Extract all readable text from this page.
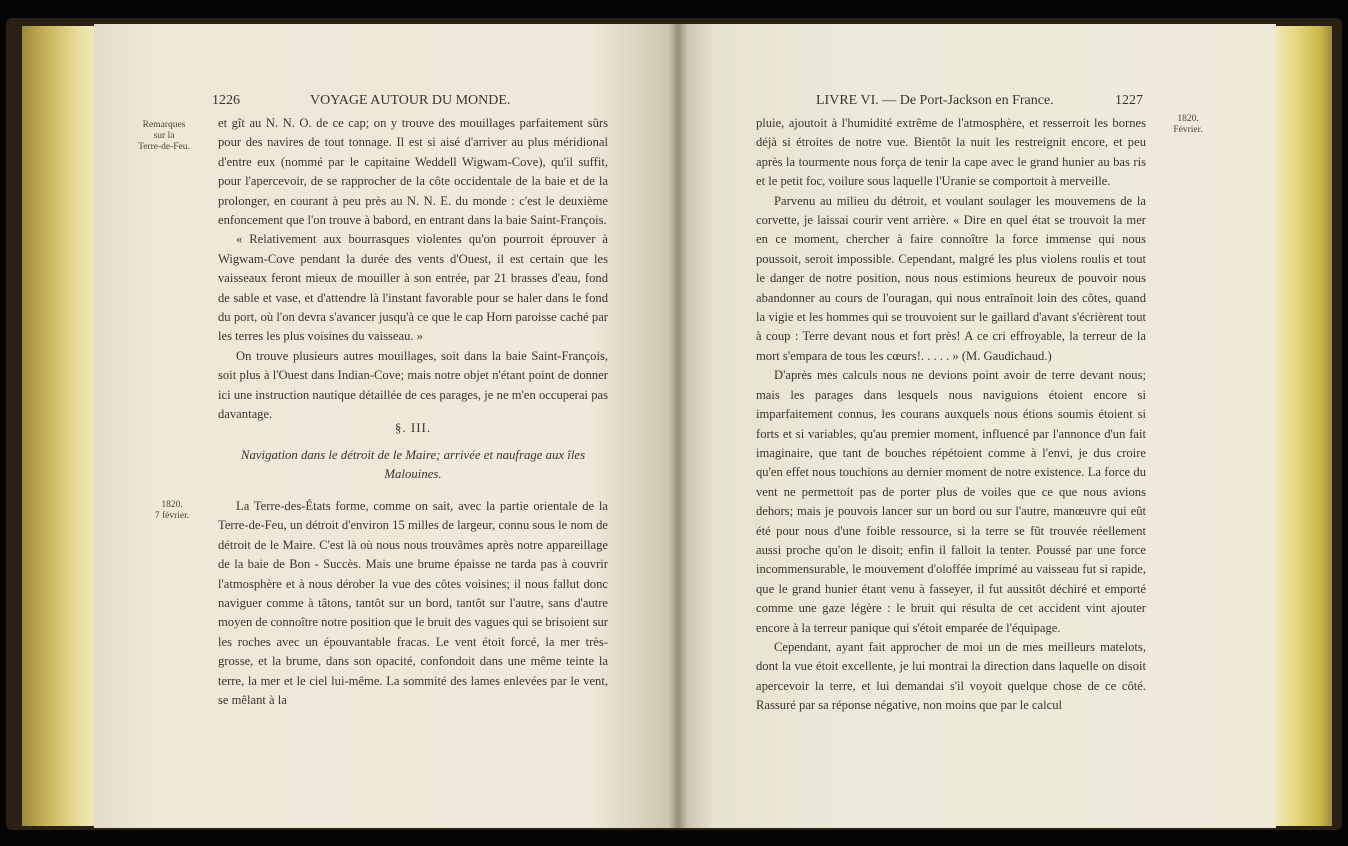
1226	VOYAGE AUTOUR DU MONDE.
Remarques
sur la
Terre-de-Feu.

et gît au N. N. O. de ce cap; on y trouve des mouillages parfaitement sûrs pour des navires de tout tonnage. Il est si aisé d'arriver au plus méridional d'entre eux (nommé par le capitaine Weddell Wigwam-Cove), qu'il suffit, pour l'apercevoir, de se rapprocher de la côte occidentale de la baie et de la prolonger, en courant à peu près au N. N. E. du monde : c'est le deuxième enfoncement que l'on trouve à babord, en entrant dans la baie Saint-François.

« Relativement aux bourrasques violentes qu'on pourroit éprouver à Wigwam-Cove pendant la durée des vents d'Ouest, il est certain que les vaisseaux feront mieux de mouiller à son entrée, par 21 brasses d'eau, fond de sable et vase, et d'attendre là l'instant favorable pour se haler dans le fond du port, où l'on devra s'avancer jusqu'à ce que le cap Horn paroisse caché par les terres les plus voisines du vaisseau. »

On trouve plusieurs autres mouillages, soit dans la baie Saint-François, soit plus à l'Ouest dans Indian-Cove; mais notre objet n'étant point de donner ici une instruction nautique détaillée de ces parages, je ne m'en occuperai pas davantage.

§. III.
Navigation dans le détroit de le Maire; arrivée et naufrage aux îles Malouines.
1820.
7 février.

La Terre-des-États forme, comme on sait, avec la partie orientale de la Terre-de-Feu, un détroit d'environ 15 milles de largeur, connu sous le nom de détroit de le Maire. C'est là où nous nous trouvâmes après notre appareillage de la baie de Bon - Succès. Mais une brume épaisse ne tarda pas à couvrir l'atmosphère et à nous dérober la vue des côtes voisines; il nous fallut donc naviguer comme à tâtons, tantôt sur un bord, tantôt sur l'autre, sans d'autre moyen de connoître notre position que le bruit des vagues qui se brisoient sur les roches avec un épouvantable fracas. Le vent étoit forcé, la mer très-grosse, et la brume, dans son opacité, confondoit dans une même teinte la terre, la mer et le ciel lui-même. La sommité des lames enlevées par le vent, se mêlant à la

LIVRE VI. — De Port-Jackson en France.	1227
1820.
Février.

pluie, ajoutoit à l'humidité extrême de l'atmosphère, et resserroit les bornes déjà si étroites de notre vue. Bientôt la nuit les restreignit encore, et peu après la tourmente nous força de tenir la cape avec le grand hunier au bas ris et le petit foc, voilure sous laquelle l'Uranie se comportoit à merveille.

Parvenu au milieu du détroit, et voulant soulager les mouvemens de la corvette, je laissai courir vent arrière. « Dire en quel état se trouvoit la mer en ce moment, chercher à faire connoître la force immense qui nous poussoit, seroit impossible. Cependant, malgré les plus violens roulis et tout le danger de notre position, nous nous estimions heureux de pouvoir nous abandonner au cours de l'ouragan, qui nous entraînoit loin des côtes, quand la vigie et les hommes qui se trouvoient sur le gaillard d'avant s'écrièrent tout à coup : Terre devant nous et fort près! A ce cri effroyable, la terreur de la mort s'empara de tous les cœurs!. . . . . » (M. Gaudichaud.)

D'après mes calculs nous ne devions point avoir de terre devant nous; mais les parages dans lesquels nous naviguions étoient encore si imparfaitement connus, les courans auxquels nous étions soumis étoient si forts et si variables, qu'au premier moment, influencé par l'annonce d'un fait imaginaire, que tant de bouches répétoient comme à l'envi, je dus croire qu'en effet nous touchions au dernier moment de notre existence. La force du vent ne permettoit pas de porter plus de voiles que ce que nous avions dehors; mais je pouvois lancer sur un bord ou sur l'autre, manœuvre qui eût été pour nous d'une foible ressource, si la terre se fût trouvée réellement aussi proche qu'on le disoit; enfin il falloit la tenter. Poussé par une force incommensurable, le mouvement d'oloffée imprimé au vaisseau fut si rapide, que le grand hunier étant venu à fasseyer, il fut aussitôt déchiré et emporté comme une gaze légère : le bruit qui résulta de cet accident vint ajouter encore à la terreur panique qui s'étoit emparée de l'équipage.

Cependant, ayant fait approcher de moi un de mes meilleurs matelots, dont la vue étoit excellente, je lui montrai la direction dans laquelle on disoit apercevoir la terre, et lui demandai s'il voyoit quelque chose de ce côté. Rassuré par sa réponse négative, non moins que par le calcul
